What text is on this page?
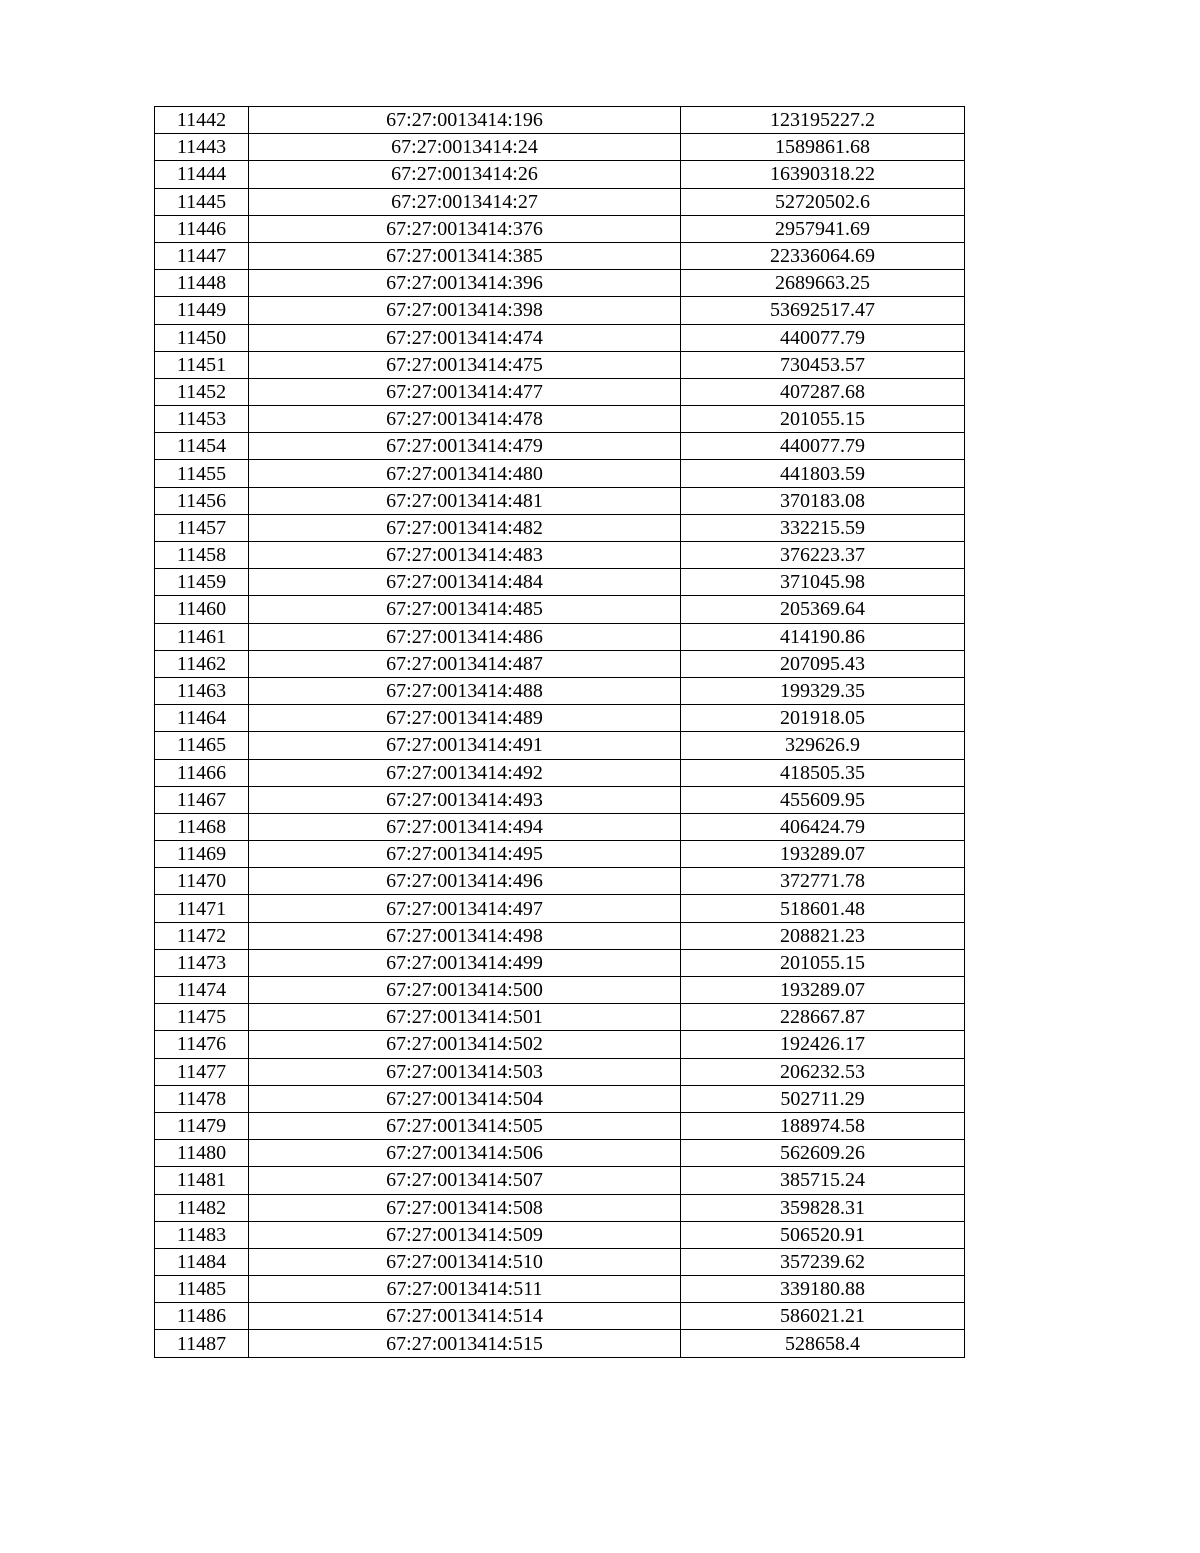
11442	67:27:0013414:196	123195227.2
11443	67:27:0013414:24	1589861.68
11444	67:27:0013414:26	16390318.22
11445	67:27:0013414:27	52720502.6
11446	67:27:0013414:376	2957941.69
11447	67:27:0013414:385	22336064.69
11448	67:27:0013414:396	2689663.25
11449	67:27:0013414:398	53692517.47
11450	67:27:0013414:474	440077.79
11451	67:27:0013414:475	730453.57
11452	67:27:0013414:477	407287.68
11453	67:27:0013414:478	201055.15
11454	67:27:0013414:479	440077.79
11455	67:27:0013414:480	441803.59
11456	67:27:0013414:481	370183.08
11457	67:27:0013414:482	332215.59
11458	67:27:0013414:483	376223.37
11459	67:27:0013414:484	371045.98
11460	67:27:0013414:485	205369.64
11461	67:27:0013414:486	414190.86
11462	67:27:0013414:487	207095.43
11463	67:27:0013414:488	199329.35
11464	67:27:0013414:489	201918.05
11465	67:27:0013414:491	329626.9
11466	67:27:0013414:492	418505.35
11467	67:27:0013414:493	455609.95
11468	67:27:0013414:494	406424.79
11469	67:27:0013414:495	193289.07
11470	67:27:0013414:496	372771.78
11471	67:27:0013414:497	518601.48
11472	67:27:0013414:498	208821.23
11473	67:27:0013414:499	201055.15
11474	67:27:0013414:500	193289.07
11475	67:27:0013414:501	228667.87
11476	67:27:0013414:502	192426.17
11477	67:27:0013414:503	206232.53
11478	67:27:0013414:504	502711.29
11479	67:27:0013414:505	188974.58
11480	67:27:0013414:506	562609.26
11481	67:27:0013414:507	385715.24
11482	67:27:0013414:508	359828.31
11483	67:27:0013414:509	506520.91
11484	67:27:0013414:510	357239.62
11485	67:27:0013414:511	339180.88
11486	67:27:0013414:514	586021.21
11487	67:27:0013414:515	528658.4
